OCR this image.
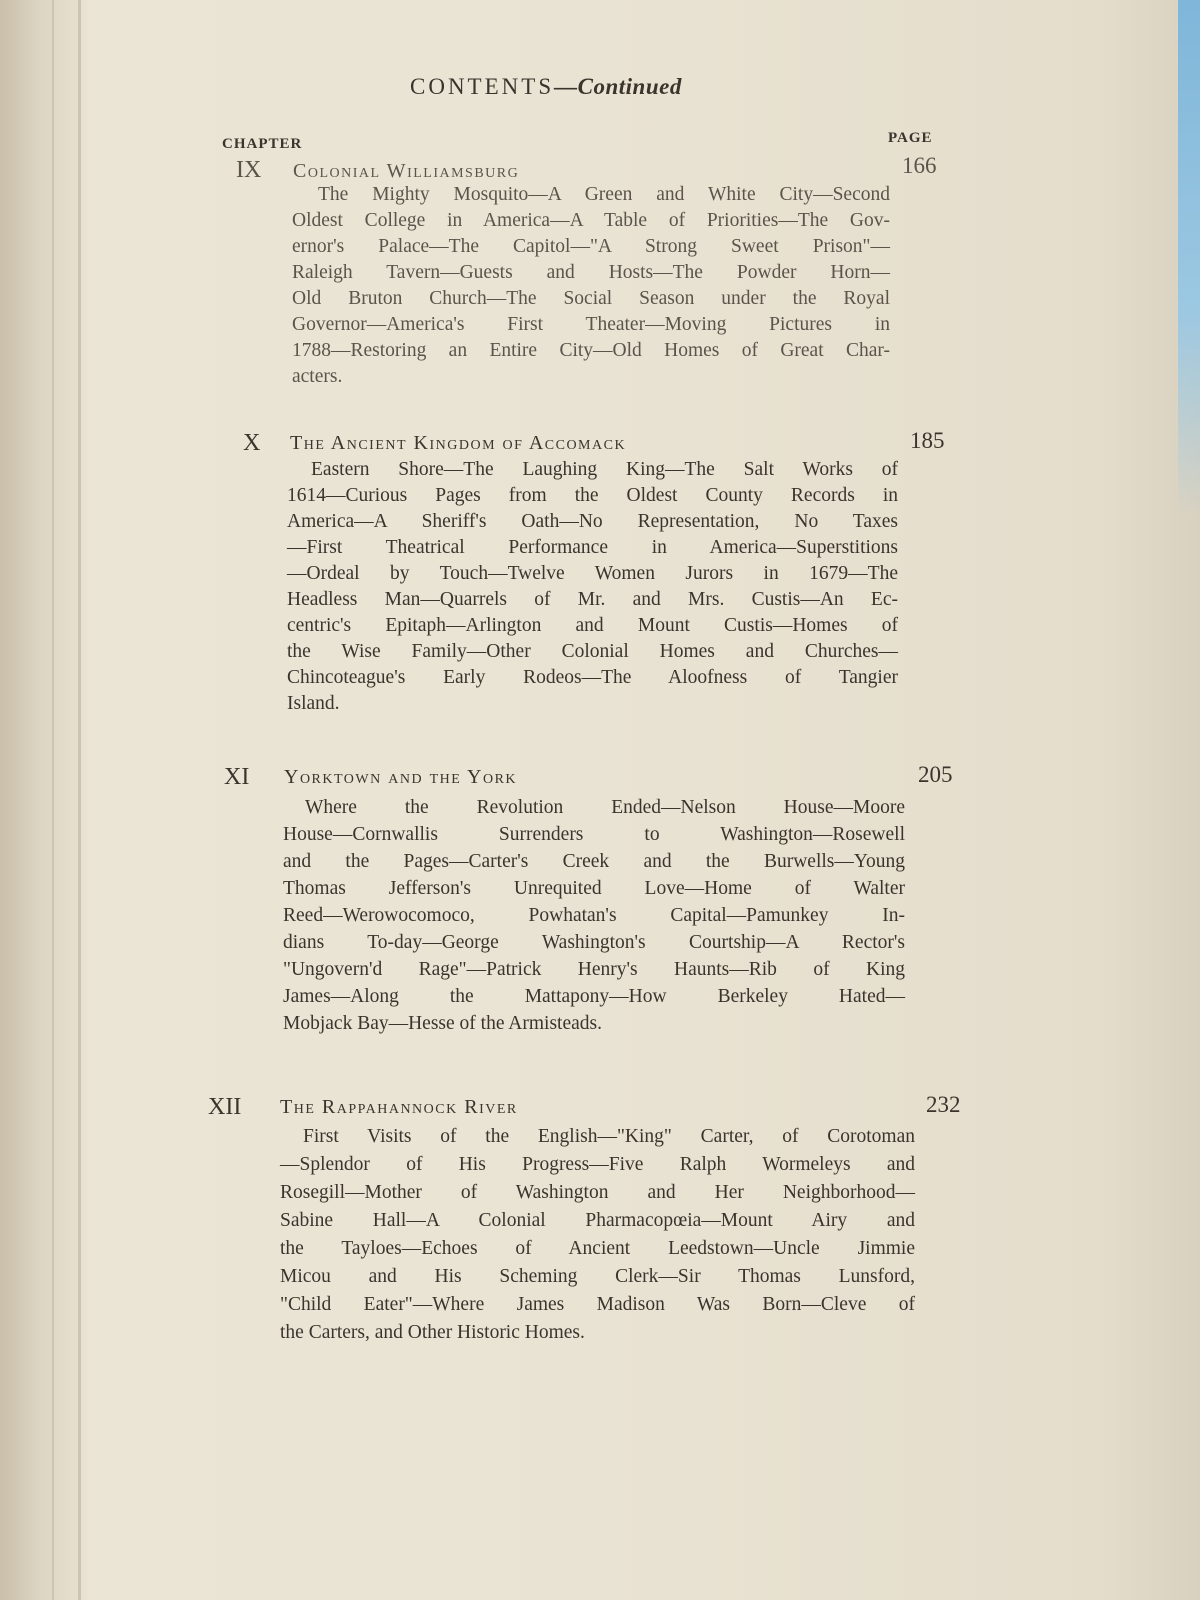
CONTENTS—Continued
CHAPTER	PAGE
IX Colonial Williamsburg	166
The Mighty Mosquito—A Green and White City—Second
Oldest College in America—A Table of Priorities—The Gov-
ernor's Palace—The Capitol—"A Strong Sweet Prison"—
Raleigh Tavern—Guests and Hosts—The Powder Horn—
Old Bruton Church—The Social Season under the Royal
Governor—America's First Theater—Moving Pictures in
1788—Restoring an Entire City—Old Homes of Great Char-
acters.
X The Ancient Kingdom of Accomack	185
Eastern Shore—The Laughing King—The Salt Works of
1614—Curious Pages from the Oldest County Records in
America—A Sheriff's Oath—No Representation, No Taxes
—First Theatrical Performance in America—Superstitions
—Ordeal by Touch—Twelve Women Jurors in 1679—The
Headless Man—Quarrels of Mr. and Mrs. Custis—An Ec-
centric's Epitaph—Arlington and Mount Custis—Homes of
the Wise Family—Other Colonial Homes and Churches—
Chincoteague's Early Rodeos—The Aloofness of Tangier
Island.
XI Yorktown and the York	205
Where the Revolution Ended—Nelson House—Moore
House—Cornwallis Surrenders to Washington—Rosewell
and the Pages—Carter's Creek and the Burwells—Young
Thomas Jefferson's Unrequited Love—Home of Walter
Reed—Werowocomoco, Powhatan's Capital—Pamunkey In-
dians To-day—George Washington's Courtship—A Rector's
"Ungovern'd Rage"—Patrick Henry's Haunts—Rib of King
James—Along the Mattapony—How Berkeley Hated—
Mobjack Bay—Hesse of the Armisteads.
XII The Rappahannock River	232
First Visits of the English—"King" Carter, of Corotoman
—Splendor of His Progress—Five Ralph Wormeleys and
Rosegill—Mother of Washington and Her Neighborhood—
Sabine Hall—A Colonial Pharmacopœia—Mount Airy and
the Tayloes—Echoes of Ancient Leedstown—Uncle Jimmie
Micou and His Scheming Clerk—Sir Thomas Lunsford,
"Child Eater"—Where James Madison Was Born—Cleve of
the Carters, and Other Historic Homes.
